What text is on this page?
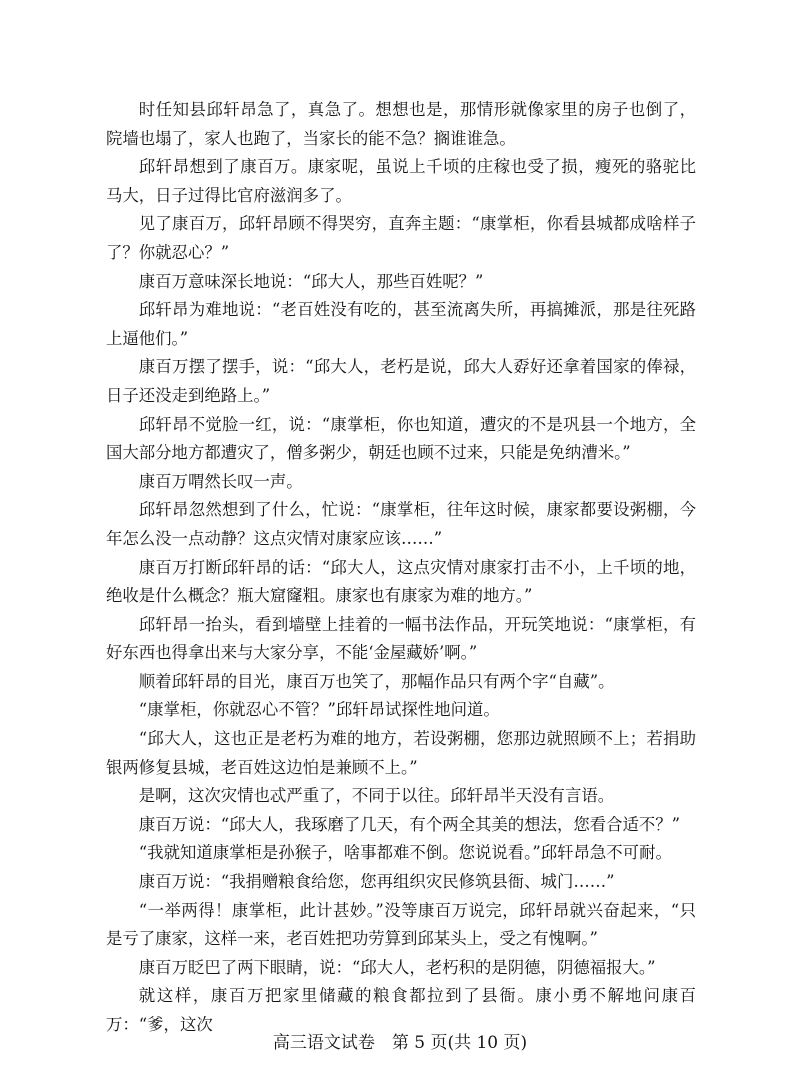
时任知县邱轩昂急了，真急了。想想也是，那情形就像家里的房子也倒了，院墙也塌了，家人也跑了，当家长的能不急？搁谁谁急。

邱轩昂想到了康百万。康家呢，虽说上千顷的庄稼也受了损，瘦死的骆驼比马大，日子过得比官府滋润多了。

见了康百万，邱轩昂顾不得哭穷，直奔主题：“康掌柜，你看县城都成啥样子了？你就忍心？”

康百万意味深长地说：“邱大人，那些百姓呢？”

邱轩昂为难地说：“老百姓没有吃的，甚至流离失所，再搞摊派，那是往死路上逼他们。”

康百万摆了摆手，说：“邱大人，老朽是说，邱大人孬好还拿着国家的俸禄，日子还没走到绝路上。”

邱轩昂不觉脸一红，说：“康掌柜，你也知道，遭灾的不是巩县一个地方，全国大部分地方都遭灾了，僧多粥少，朝廷也顾不过来，只能是免纳漕米。”

康百万喟然长叹一声。

邱轩昂忽然想到了什么，忙说：“康掌柜，往年这时候，康家都要设粥棚，今年怎么没一点动静？这点灾情对康家应该……”

康百万打断邱轩昂的话：“邱大人，这点灾情对康家打击不小，上千顷的地，绝收是什么概念？瓶大窟窿粗。康家也有康家为难的地方。”

邱轩昂一抬头，看到墙壁上挂着的一幅书法作品，开玩笑地说：“康掌柜，有好东西也得拿出来与大家分享，不能‘金屋藏娇’啊。”

顺着邱轩昂的目光，康百万也笑了，那幅作品只有两个字“自藏”。

“康掌柜，你就忍心不管？”邱轩昂试探性地问道。

“邱大人，这也正是老朽为难的地方，若设粥棚，您那边就照顾不上；若捐助银两修复县城，老百姓这边怕是兼顾不上。”

是啊，这次灾情也忒严重了，不同于以往。邱轩昂半天没有言语。

康百万说：“邱大人，我琢磨了几天，有个两全其美的想法，您看合适不？”

“我就知道康掌柜是孙猴子，啥事都难不倒。您说说看。”邱轩昂急不可耐。

康百万说：“我捐赠粮食给您，您再组织灾民修筑县衙、城门……”

“一举两得！康掌柜，此计甚妙。”没等康百万说完，邱轩昂就兴奋起来，“只是亏了康家，这样一来，老百姓把功劳算到邱某头上，受之有愧啊。”

康百万眨巴了两下眼睛，说：“邱大人，老朽积的是阴德，阴德福报大。”

就这样，康百万把家里储藏的粮食都拉到了县衙。康小勇不解地问康百万：“爹，这次

高三语文试卷　第 5 页(共 10 页)
